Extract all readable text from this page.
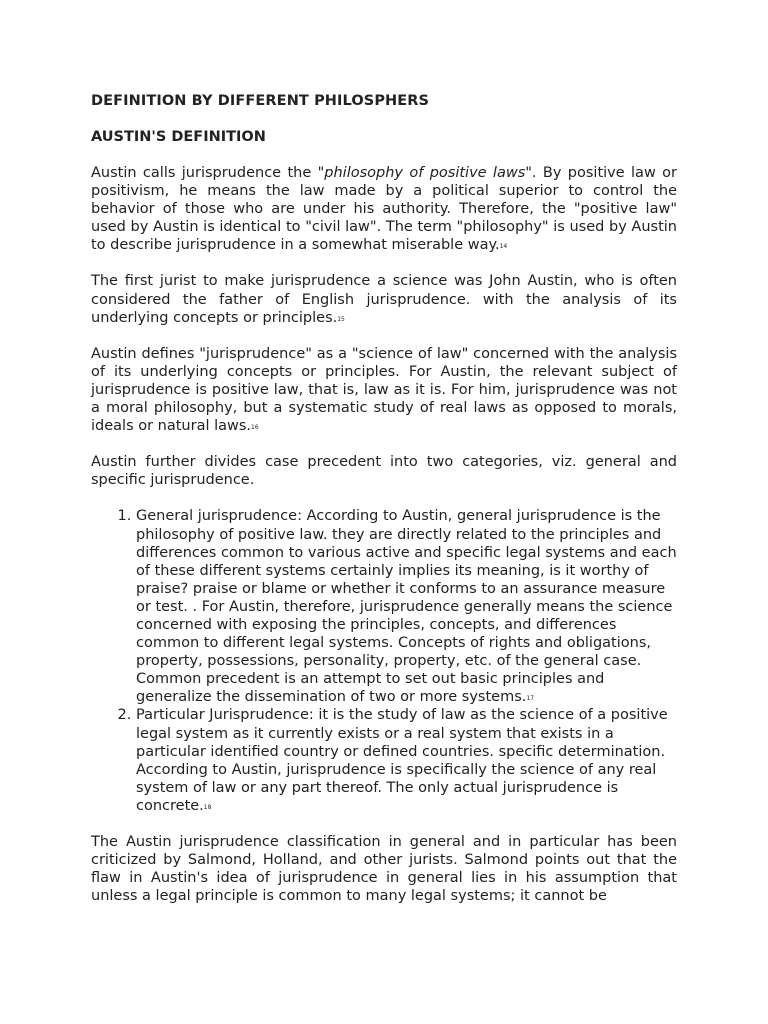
DEFINITION BY DIFFERENT PHILOSPHERS
AUSTIN'S DEFINITION

Austin calls jurisprudence the "philosophy of positive laws". By positive law or positivism, he means the law made by a political superior to control the behavior of those who are under his authority. Therefore, the "positive law" used by Austin is identical to "civil law". The term "philosophy" is used by Austin to describe jurisprudence in a somewhat miserable way.$^{14}$

The first jurist to make jurisprudence a science was John Austin, who is often considered the father of English jurisprudence. with the analysis of its underlying concepts or principles.$^{15}$

Austin defines "jurisprudence" as a "science of law" concerned with the analysis of its underlying concepts or principles. For Austin, the relevant subject of jurisprudence is positive law, that is, law as it is. For him, jurisprudence was not a moral philosophy, but a systematic study of real laws as opposed to morals, ideals or natural laws.$^{16}$

Austin further divides case precedent into two categories, viz. general and specific jurisprudence.

1. General jurisprudence: According to Austin, general jurisprudence is the philosophy of positive law. they are directly related to the principles and differences common to various active and specific legal systems and each of these different systems certainly implies its meaning, is it worthy of praise? praise or blame or whether it conforms to an assurance measure or test. . For Austin, therefore, jurisprudence generally means the science concerned with exposing the principles, concepts, and differences common to different legal systems. Concepts of rights and obligations, property, possessions, personality, property, etc. of the general case. Common precedent is an attempt to set out basic principles and generalize the dissemination of two or more systems.$^{17}$
2. Particular Jurisprudence: it is the study of law as the science of a positive legal system as it currently exists or a real system that exists in a particular identified country or defined countries. specific determination. According to Austin, jurisprudence is specifically the science of any real system of law or any part thereof. The only actual jurisprudence is concrete.$^{18}$

The Austin jurisprudence classification in general and in particular has been criticized by Salmond, Holland, and other jurists. Salmond points out that the flaw in Austin's idea of jurisprudence in general lies in his assumption that unless a legal principle is common to many legal systems; it cannot be
